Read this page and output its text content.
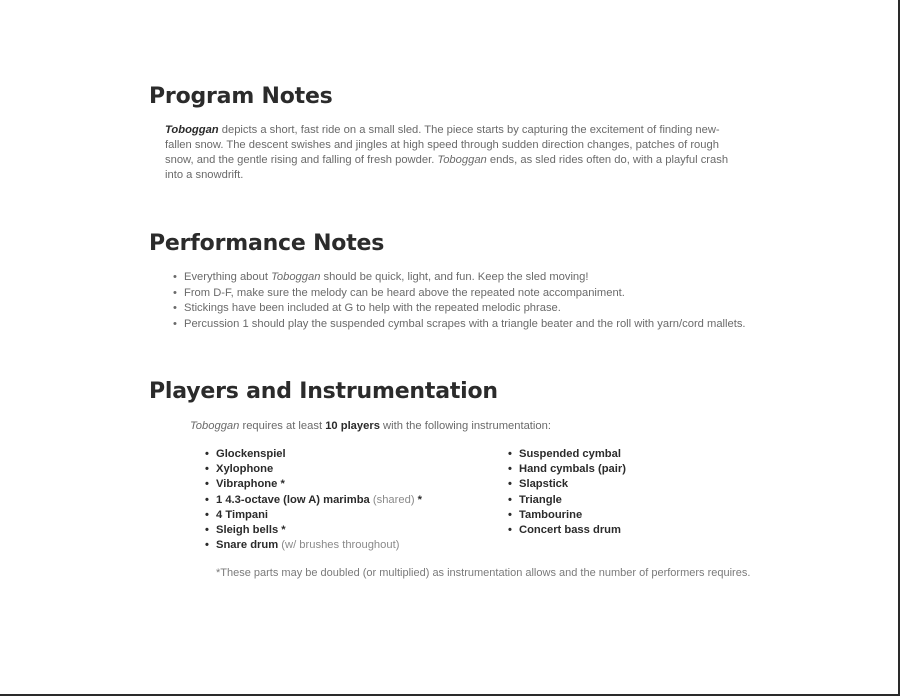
Program Notes

Toboggan depicts a short, fast ride on a small sled. The piece starts by capturing the excitement of finding new-fallen snow. The descent swishes and jingles at high speed through sudden direction changes, patches of rough snow, and the gentle rising and falling of fresh powder. Toboggan ends, as sled rides often do, with a playful crash into a snowdrift.

Performance Notes
• Everything about Toboggan should be quick, light, and fun. Keep the sled moving!
• From D-F, make sure the melody can be heard above the repeated note accompaniment.
• Stickings have been included at G to help with the repeated melodic phrase.
• Percussion 1 should play the suspended cymbal scrapes with a triangle beater and the roll with yarn/cord mallets.
Players and Instrumentation

Toboggan requires at least 10 players with the following instrumentation:

• Glockenspiel
• Xylophone
• Vibraphone *
• 1 4.3-octave (low A) marimba (shared) *
• 4 Timpani
• Sleigh bells *
• Snare drum (w/ brushes throughout)
• Suspended cymbal
• Hand cymbals (pair)
• Slapstick
• Triangle
• Tambourine
• Concert bass drum

*These parts may be doubled (or multiplied) as instrumentation allows and the number of performers requires.
